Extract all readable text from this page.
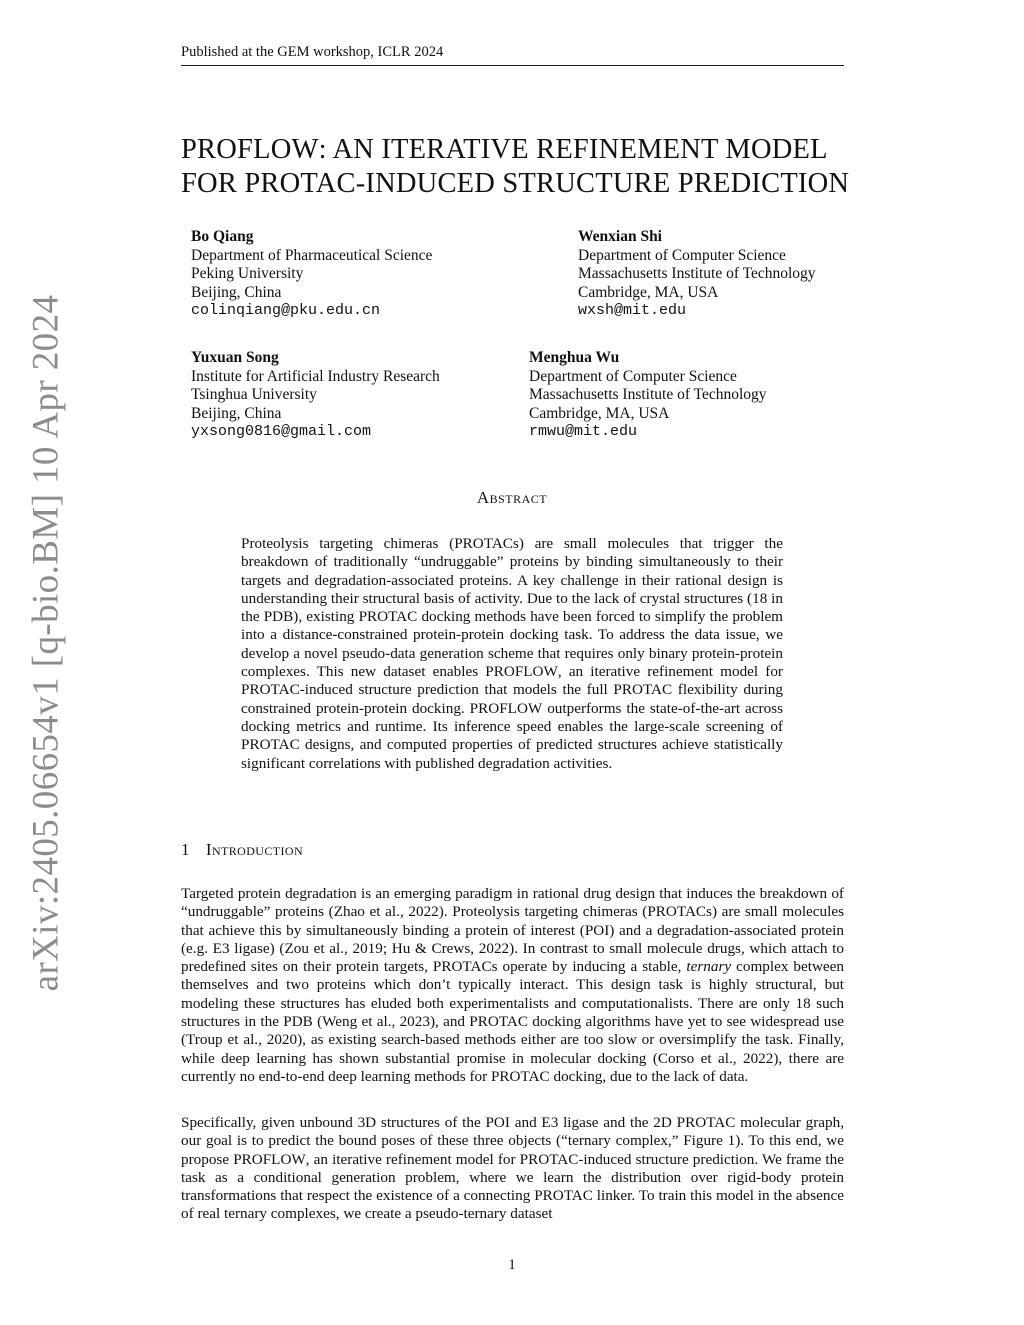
Published at the GEM workshop, ICLR 2024
arXiv:2405.06654v1 [q-bio.BM] 10 Apr 2024
PROFLOW: AN ITERATIVE REFINEMENT MODEL
FOR PROTAC-INDUCED STRUCTURE PREDICTION
Bo Qiang
Department of Pharmaceutical Science
Peking University
Beijing, China
colinqiang@pku.edu.cn
Wenxian Shi
Department of Computer Science
Massachusetts Institute of Technology
Cambridge, MA, USA
wxsh@mit.edu
Yuxuan Song
Institute for Artificial Industry Research
Tsinghua University
Beijing, China
yxsong0816@gmail.com
Menghua Wu
Department of Computer Science
Massachusetts Institute of Technology
Cambridge, MA, USA
rmwu@mit.edu
Abstract
Proteolysis targeting chimeras (PROTACs) are small molecules that trigger the breakdown of traditionally “undruggable” proteins by binding simultaneously to their targets and degradation-associated proteins. A key challenge in their rational design is understanding their structural basis of activity. Due to the lack of crystal structures (18 in the PDB), existing PROTAC docking methods have been forced to simplify the problem into a distance-constrained protein-protein docking task. To address the data issue, we develop a novel pseudo-data generation scheme that requires only binary protein-protein complexes. This new dataset enables PROFLOW, an iterative refinement model for PROTAC-induced structure prediction that models the full PROTAC flexibility during constrained protein-protein docking. PROFLOW outperforms the state-of-the-art across docking metrics and runtime. Its inference speed enables the large-scale screening of PROTAC designs, and computed properties of predicted structures achieve statistically significant correlations with published degradation activities.
1 Introduction
Targeted protein degradation is an emerging paradigm in rational drug design that induces the breakdown of “undruggable” proteins (Zhao et al., 2022). Proteolysis targeting chimeras (PROTACs) are small molecules that achieve this by simultaneously binding a protein of interest (POI) and a degradation-associated protein (e.g. E3 ligase) (Zou et al., 2019; Hu & Crews, 2022). In contrast to small molecule drugs, which attach to predefined sites on their protein targets, PROTACs operate by inducing a stable, ternary complex between themselves and two proteins which don’t typically interact. This design task is highly structural, but modeling these structures has eluded both experimentalists and computationalists. There are only 18 such structures in the PDB (Weng et al., 2023), and PROTAC docking algorithms have yet to see widespread use (Troup et al., 2020), as existing search-based methods either are too slow or oversimplify the task. Finally, while deep learning has shown substantial promise in molecular docking (Corso et al., 2022), there are currently no end-to-end deep learning methods for PROTAC docking, due to the lack of data.
Specifically, given unbound 3D structures of the POI and E3 ligase and the 2D PROTAC molecular graph, our goal is to predict the bound poses of these three objects (“ternary complex,” Figure 1). To this end, we propose PROFLOW, an iterative refinement model for PROTAC-induced structure prediction. We frame the task as a conditional generation problem, where we learn the distribution over rigid-body protein transformations that respect the existence of a connecting PROTAC linker. To train this model in the absence of real ternary complexes, we create a pseudo-ternary dataset
1
